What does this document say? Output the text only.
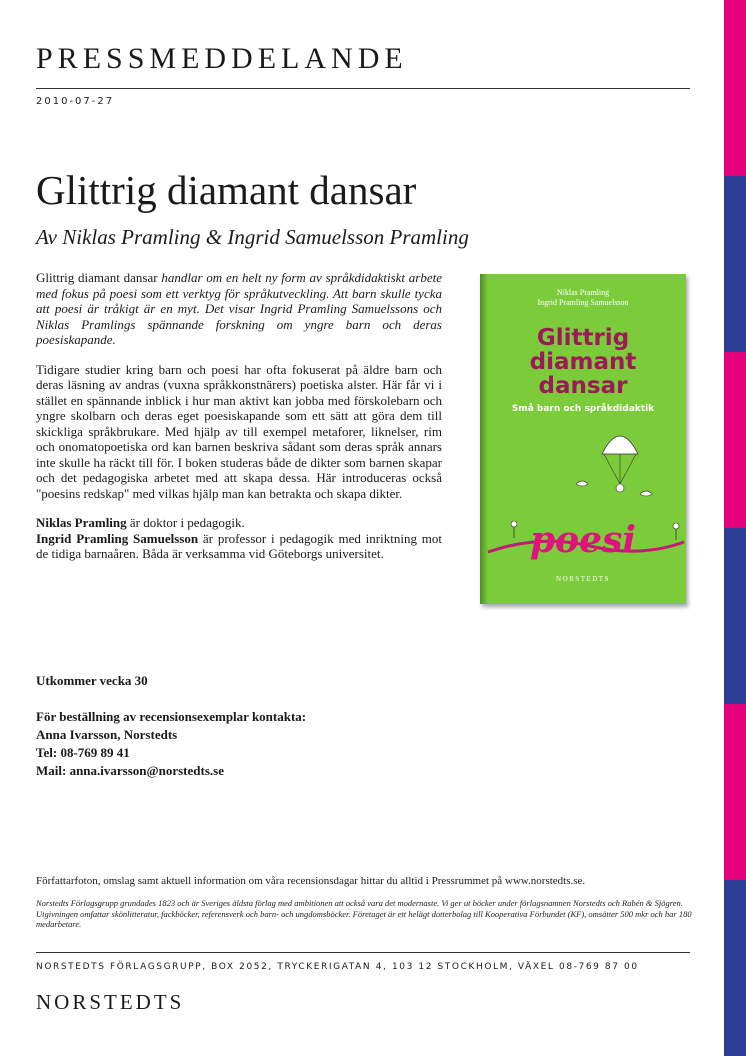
PRESSMEDDELANDE
2010-07-27
Glittrig diamant dansar
Av Niklas Pramling & Ingrid Samuelsson Pramling

Glittrig diamant dansar handlar om en helt ny form av språkdidaktiskt arbete med fokus på poesi som ett verktyg för språkutveckling. Att barn skulle tycka att poesi är tråkigt är en myt. Det visar Ingrid Pramling Samuelssons och Niklas Pramlings spännande forskning om yngre barn och deras poesiskapande.

Tidigare studier kring barn och poesi har ofta fokuserat på äldre barn och deras läsning av andras (vuxna språkkonstnärers) poetiska alster. Här får vi i stället en spännande inblick i hur man aktivt kan jobba med förskolebarn och yngre skolbarn och deras eget poesiskapande som ett sätt att göra dem till skickliga språkbrukare. Med hjälp av till exempel metaforer, liknelser, rim och onomatopoetiska ord kan barnen beskriva sådant som deras språk annars inte skulle ha räckt till för. I boken studeras både de dikter som barnen skapar och det pedagogiska arbetet med att skapa dessa. Här introduceras också "poesins redskap" med vilkas hjälp man kan betrakta och skapa dikter.

Niklas Pramling är doktor i pedagogik.
Ingrid Pramling Samuelsson är professor i pedagogik med inriktning mot de tidiga barnaåren. Båda är verksamma vid Göteborgs universitet.

Niklas Pramling
Ingrid Pramling Samuelsson
Glittrig
diamant
dansar
Små barn och språkdidaktik
poesi
NORSTEDTS
Utkommer vecka 30
För beställning av recensionsexemplar kontakta:
Anna Ivarsson, Norstedts
Tel: 08-769 89 41
Mail: anna.ivarsson@norstedts.se
Författarfoton, omslag samt aktuell information om våra recensionsdagar hittar du alltid i Pressrummet på www.norstedts.se.
Norstedts Förlagsgrupp grundades 1823 och är Sveriges äldsta förlag med ambitionen att också vara det modernaste. Vi ger ut böcker under förlagsnamnen Norstedts och Rabén & Sjögren. Utgivningen omfattar skönlitteratur, fackböcker, referensverk och barn- och ungdomsböcker. Företaget är ett helägt dotterbolag till Kooperativa Förbundet (KF), omsätter 500 mkr och har 180 medarbetare.
NORSTEDTS FÖRLAGSGRUPP, BOX 2052, TRYCKERIGATAN 4, 103 12 STOCKHOLM, VÄXEL 08-769 87 00
NORSTEDTS
